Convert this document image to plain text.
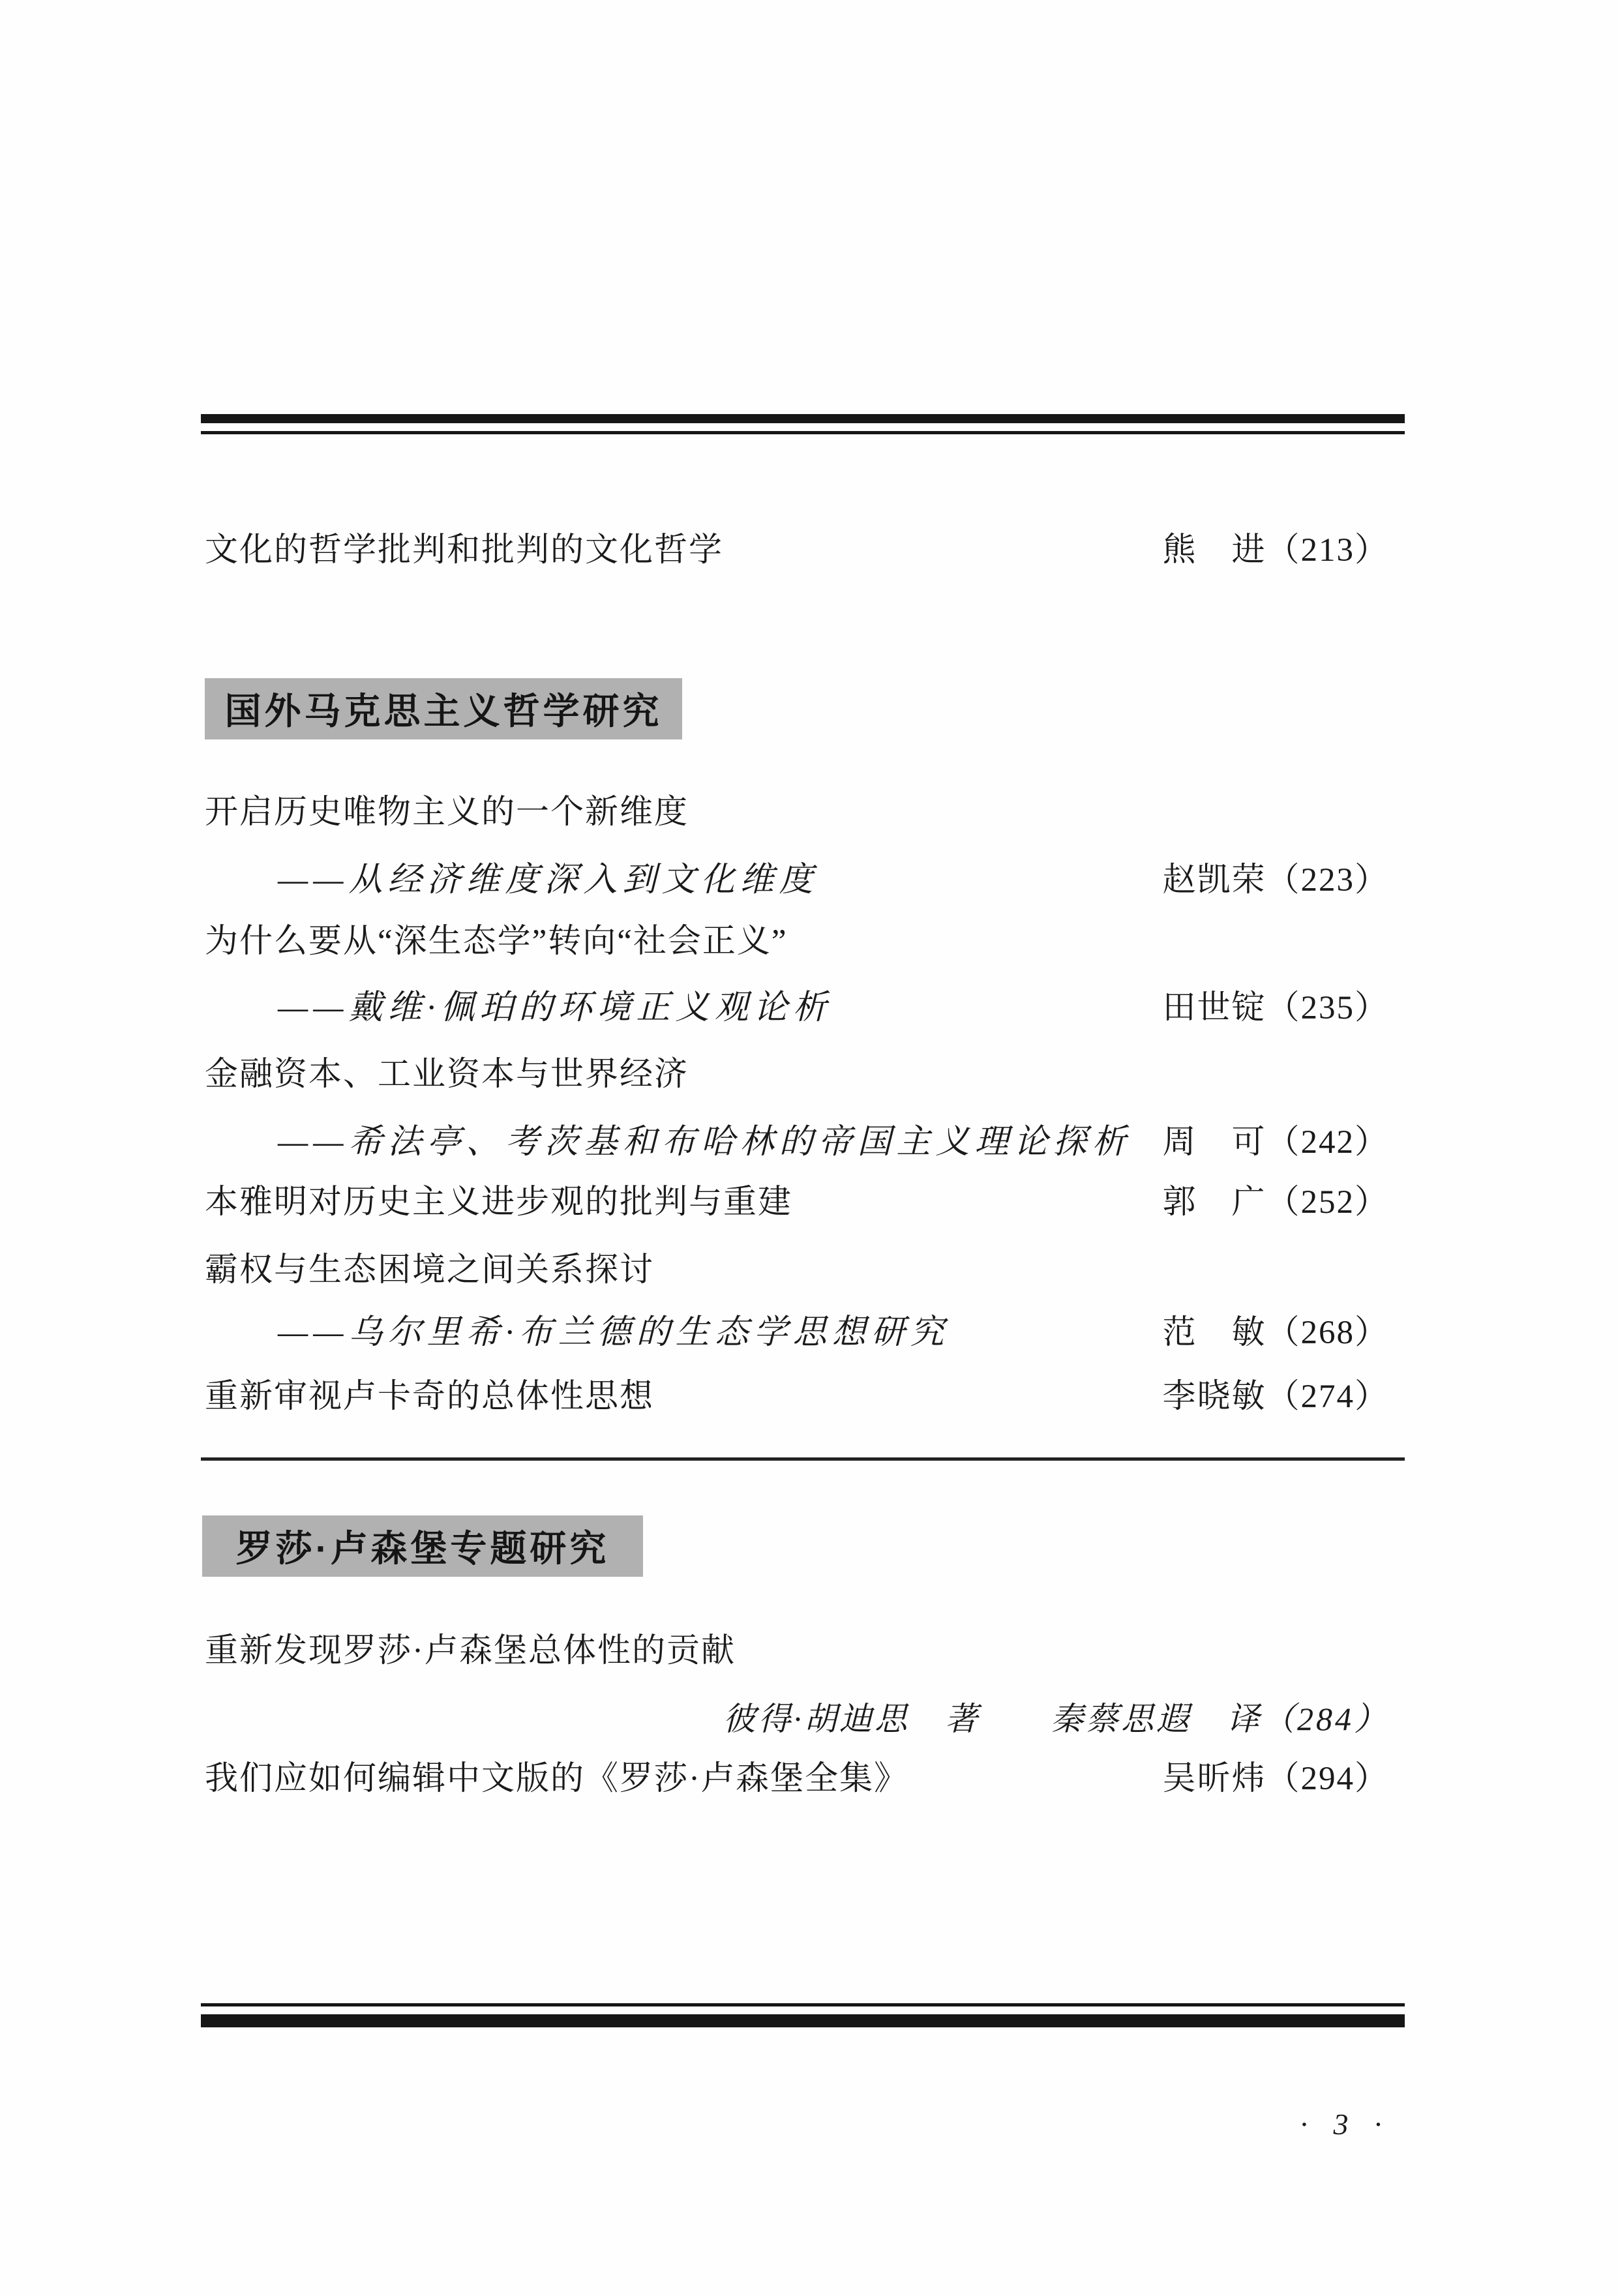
文化的哲学批判和批判的文化哲学	熊　进（213）
国外马克思主义哲学研究
开启历史唯物主义的一个新维度
——从经济维度深入到文化维度	赵凯荣（223）
为什么要从“深生态学”转向“社会正义”
——戴维·佩珀的环境正义观论析	田世锭（235）
金融资本、工业资本与世界经济
——希法亭、考茨基和布哈林的帝国主义理论探析 周　可（242）
本雅明对历史主义进步观的批判与重建	郭　广（252）
霸权与生态困境之间关系探讨
——乌尔里希·布兰德的生态学思想研究	范　敏（268）
重新审视卢卡奇的总体性思想	李晓敏（274）
罗莎·卢森堡专题研究
重新发现罗莎·卢森堡总体性的贡献
彼得·胡迪思　著　　秦蔡思遐　译（284）
我们应如何编辑中文版的《罗莎·卢森堡全集》	吴昕炜（294）
· 3 ·
